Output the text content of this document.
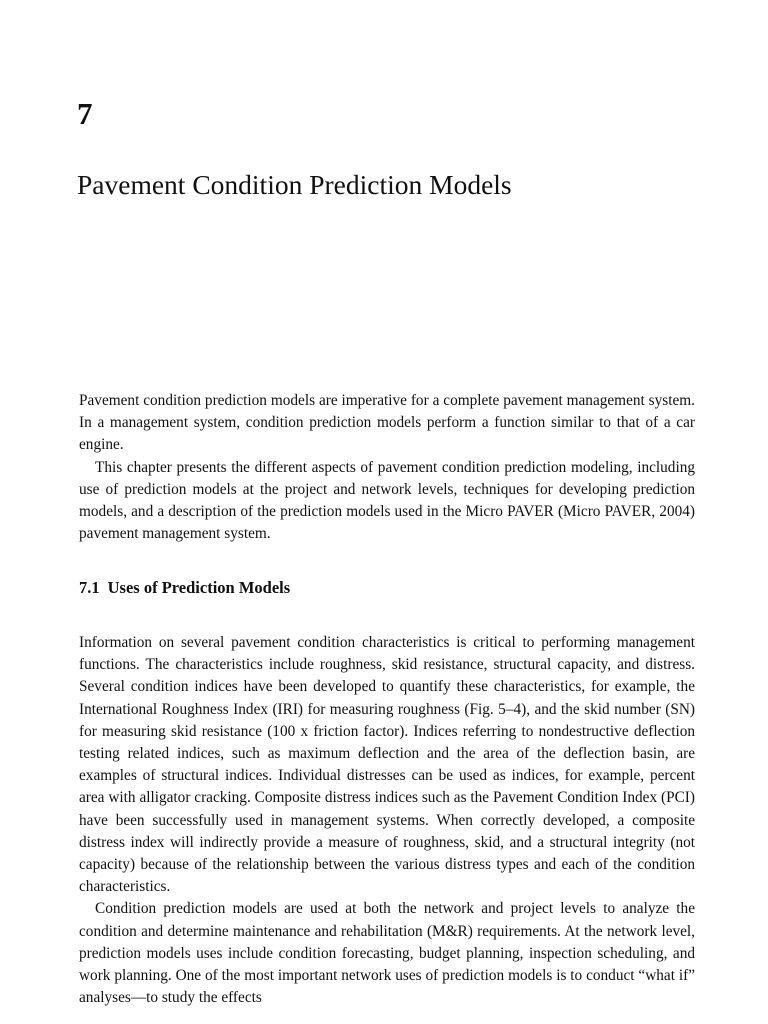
7
Pavement Condition Prediction Models

Pavement condition prediction models are imperative for a complete pavement management system. In a management system, condition prediction models perform a function similar to that of a car engine.

This chapter presents the different aspects of pavement condition prediction modeling, including use of prediction models at the project and network levels, techniques for developing prediction models, and a description of the prediction models used in the Micro PAVER (Micro PAVER, 2004) pavement management system.

7.1 Uses of Prediction Models

Information on several pavement condition characteristics is critical to performing management functions. The characteristics include roughness, skid resistance, structural capacity, and distress. Several condition indices have been developed to quantify these characteristics, for example, the International Roughness Index (IRI) for measuring roughness (Fig. 5–4), and the skid number (SN) for measuring skid resistance (100 x friction factor). Indices referring to nondestructive deflection testing related indices, such as maximum deflection and the area of the deflection basin, are examples of structural indices. Individual distresses can be used as indices, for example, percent area with alligator cracking. Composite distress indices such as the Pavement Condition Index (PCI) have been successfully used in management systems. When correctly developed, a composite distress index will indirectly provide a measure of roughness, skid, and a structural integrity (not capacity) because of the relationship between the various distress types and each of the condition characteristics.

Condition prediction models are used at both the network and project levels to analyze the condition and determine maintenance and rehabilitation (M&R) requirements. At the network level, prediction models uses include condition forecasting, budget planning, inspection scheduling, and work planning. One of the most important network uses of prediction models is to conduct “what if” analyses—to study the effects
